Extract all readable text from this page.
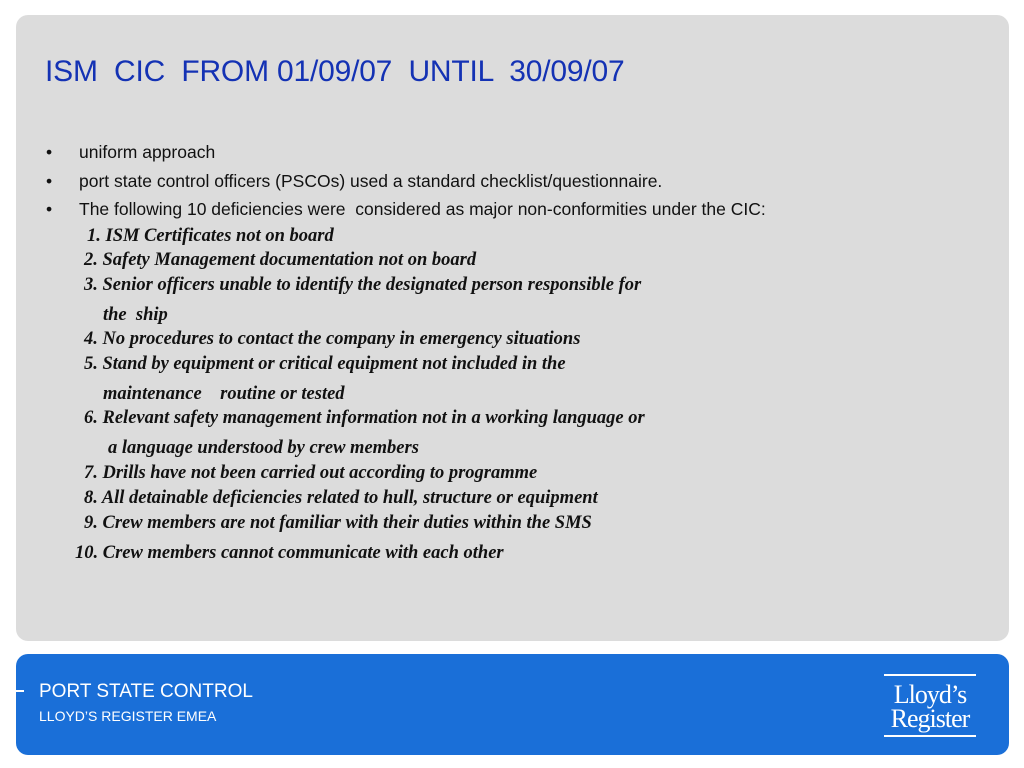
ISM  CIC  FROM 01/09/07  UNTIL  30/09/07
•	uniform approach
•	port state control officers (PSCOs) used a standard checklist/questionnaire.
•	The following 10 deficiencies were  considered as major non-conformities under the CIC:

1. ISM Certificates not on board

2. Safety Management documentation not on board

3. Senior officers unable to identify the designated person responsible for

the  ship

4. No procedures to contact the company in emergency situations

5. Stand by equipment or critical equipment not included in the

maintenance    routine or tested

6. Relevant safety management information not in a working language or

a language understood by crew members

7. Drills have not been carried out according to programme

8. All detainable deficiencies related to hull, structure or equipment

9. Crew members are not familiar with their duties within the SMS

10. Crew members cannot communicate with each other

PORT STATE CONTROL
LLOYD’S REGISTER EMEA
Lloyd’s
Register
